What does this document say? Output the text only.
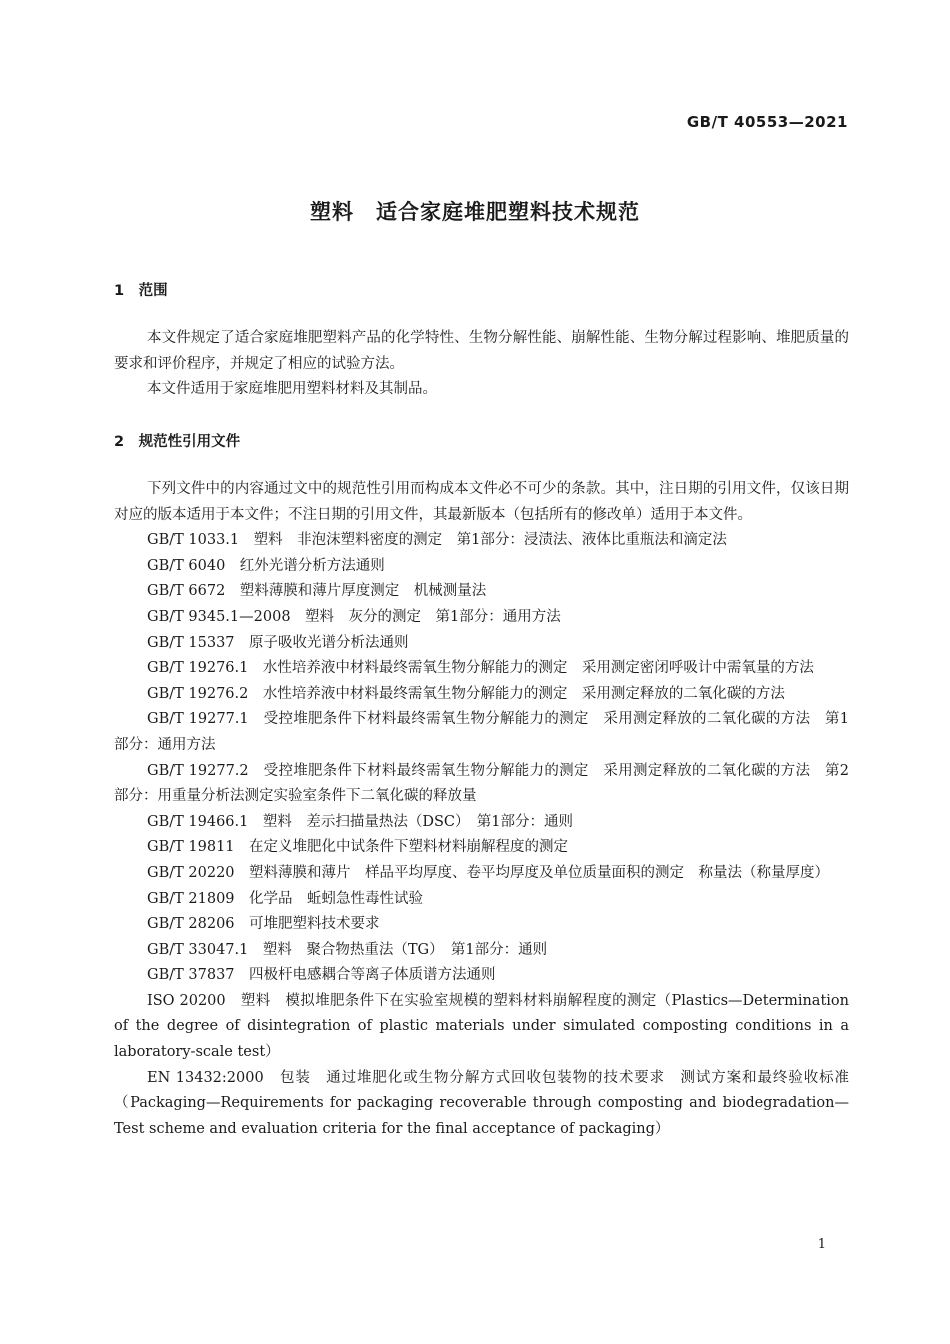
GB/T 40553—2021
塑料　适合家庭堆肥塑料技术规范
1　范围

本文件规定了适合家庭堆肥塑料产品的化学特性、生物分解性能、崩解性能、生物分解过程影响、堆肥质量的要求和评价程序，并规定了相应的试验方法。

本文件适用于家庭堆肥用塑料材料及其制品。

2　规范性引用文件

下列文件中的内容通过文中的规范性引用而构成本文件必不可少的条款。其中，注日期的引用文件，仅该日期对应的版本适用于本文件；不注日期的引用文件，其最新版本（包括所有的修改单）适用于本文件。

GB/T 1033.1　塑料　非泡沫塑料密度的测定　第1部分：浸渍法、液体比重瓶法和滴定法

GB/T 6040　红外光谱分析方法通则

GB/T 6672　塑料薄膜和薄片厚度测定　机械测量法

GB/T 9345.1—2008　塑料　灰分的测定　第1部分：通用方法

GB/T 15337　原子吸收光谱分析法通则

GB/T 19276.1　水性培养液中材料最终需氧生物分解能力的测定　采用测定密闭呼吸计中需氧量的方法

GB/T 19276.2　水性培养液中材料最终需氧生物分解能力的测定　采用测定释放的二氧化碳的方法

GB/T 19277.1　受控堆肥条件下材料最终需氧生物分解能力的测定　采用测定释放的二氧化碳的方法　第1部分：通用方法

GB/T 19277.2　受控堆肥条件下材料最终需氧生物分解能力的测定　采用测定释放的二氧化碳的方法　第2部分：用重量分析法测定实验室条件下二氧化碳的释放量

GB/T 19466.1　塑料　差示扫描量热法（DSC）　第1部分：通则

GB/T 19811　在定义堆肥化中试条件下塑料材料崩解程度的测定

GB/T 20220　塑料薄膜和薄片　样品平均厚度、卷平均厚度及单位质量面积的测定　称量法（称量厚度）

GB/T 21809　化学品　蚯蚓急性毒性试验

GB/T 28206　可堆肥塑料技术要求

GB/T 33047.1　塑料　聚合物热重法（TG）　第1部分：通则

GB/T 37837　四极杆电感耦合等离子体质谱方法通则

ISO 20200　塑料　模拟堆肥条件下在实验室规模的塑料材料崩解程度的测定（Plastics—Determination of the degree of disintegration of plastic materials under simulated composting conditions in a laboratory-scale test）

EN 13432:2000　包装　通过堆肥化或生物分解方式回收包装物的技术要求　测试方案和最终验收标准（Packaging—Requirements for packaging recoverable through composting and biodegradation—Test scheme and evaluation criteria for the final acceptance of packaging）

1
